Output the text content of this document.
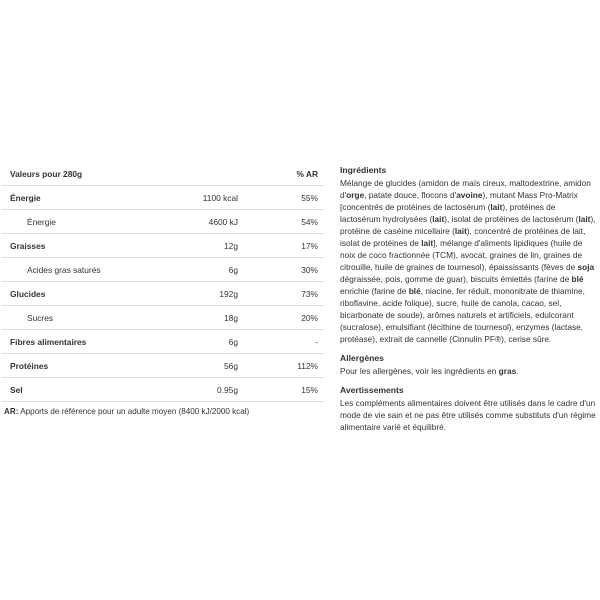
Valeurs pour 280g		% AR
Énergie	1100 kcal	55%
Énergie	4600 kJ	54%
Graisses	12g	17%
Acides gras saturés	6g	30%
Glucides	192g	73%
Sucres	18g	20%
Fibres alimentaires	6g	-
Protéines	56g	112%
Sel	0.95g	15%
AR: Apports de référence pour un adulte moyen (8400 kJ/2000 kcal)
Ingrédients

Mélange de glucides (amidon de maïs cireux, maltodextrine, amidon d'orge, patate douce, flocons d'avoine), mutant Mass Pro-Matrix [concentrés de protéines de lactosérum (lait), protéines de lactosérum hydrolysées (lait), isolat de protéines de lactosérum (lait), protéine de caséine micellaire (lait), concentré de protéines de lait, isolat de protéines de lait], mélange d'aliments lipidiques (huile de noix de coco fractionnée (TCM), avocat, graines de lin, graines de citrouille, huile de graines de tournesol), épaississants (fèves de soja dégraissée, pois, gomme de guar), biscuits émiettés (farine de blé enrichie (farine de blé, niacine, fer réduit, mononitrate de thiamine, riboflavine, acide folique), sucre, huile de canola, cacao, sel, bicarbonate de soude), arômes naturels et artificiels, edulcorant (sucralose), emulsifiant (lécithine de tournesol), enzymes (lactase, protéase), extrait de cannelle (Cinnulin PF®), cerise sûre.

Allergènes

Pour les allergènes, voir les ingrédients en gras.

Avertissements

Les compléments alimentaires doivent être utilisés dans le cadre d'un mode de vie sain et ne pas être utilisés comme substituts d'un régime alimentaire varié et équilibré.
